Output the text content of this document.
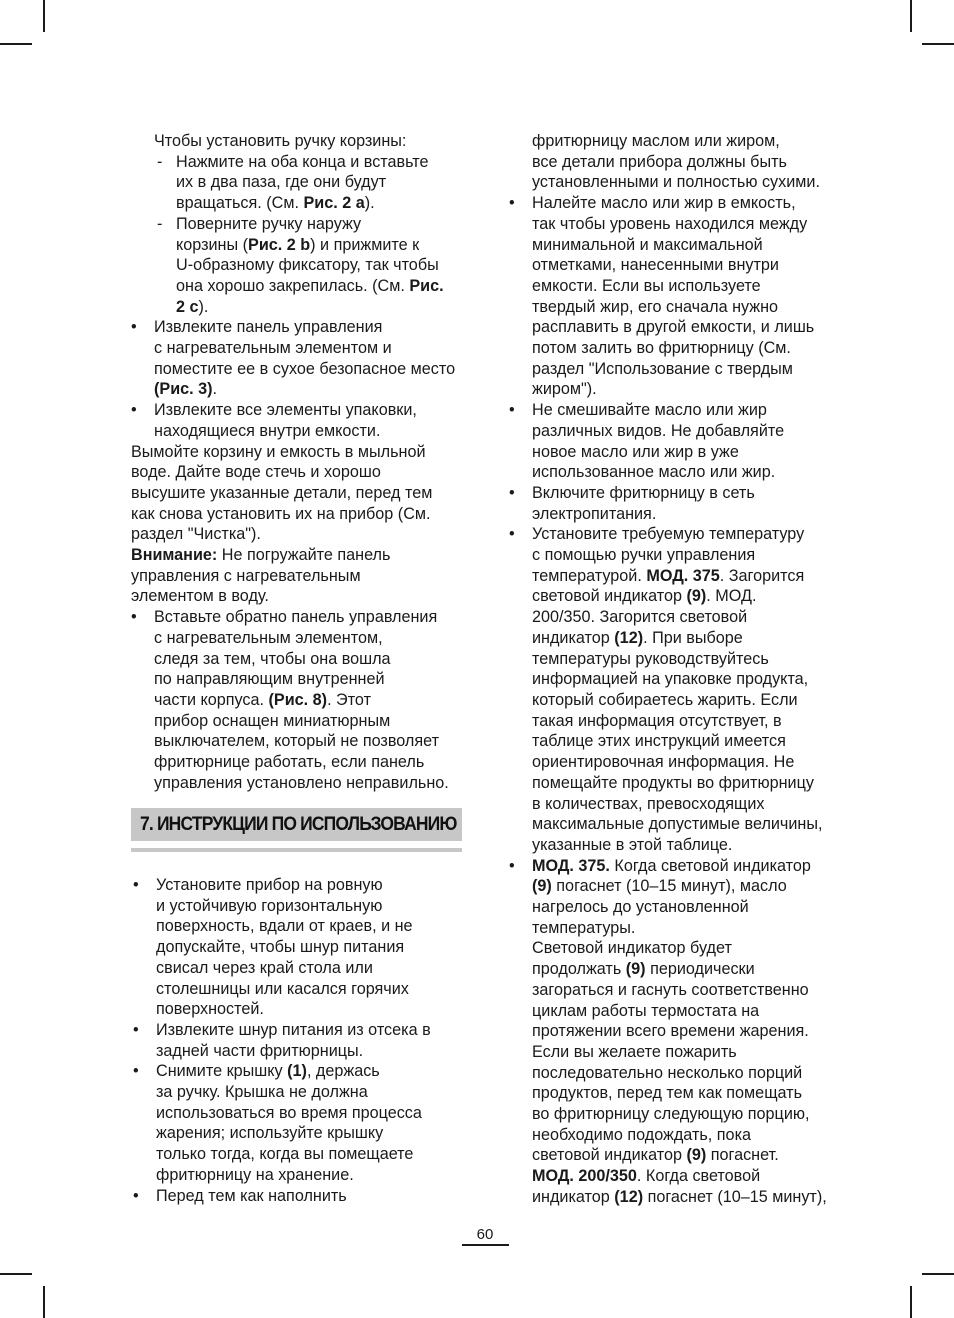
Чтобы установить ручку корзины:
- Нажмите на оба конца и вставьте
их в два паза, где они будут
вращаться. (См. Рис. 2 a).
- Поверните ручку наружу
корзины (Рис. 2 b) и прижмите к
U-образному фиксатору, так чтобы
она хорошо закрепилась. (См. Рис.
2 c).
• Извлеките панель управления
с нагревательным элементом и
поместите ее в сухое безопасное место
(Рис. 3).
• Извлеките все элементы упаковки,
находящиеся внутри емкости.
Вымойте корзину и емкость в мыльной
воде. Дайте воде стечь и хорошо
высушите указанные детали, перед тем
как снова установить их на прибор (См.
раздел "Чистка").
Внимание: Не погружайте панель
управления с нагревательным
элементом в воду.
• Вставьте обратно панель управления
с нагревательным элементом,
следя за тем, чтобы она вошла
по направляющим внутренней
части корпуса. (Рис. 8). Этот
прибор оснащен миниатюрным
выключателем, который не позволяет
фритюрнице работать, если панель
управления установлено неправильно.
7. ИНСТРУКЦИИ ПО ИСПОЛЬЗОВАНИЮ
• Установите прибор на ровную
и устойчивую горизонтальную
поверхность, вдали от краев, и не
допускайте, чтобы шнур питания
свисал через край стола или
столешницы или касался горячих
поверхностей.
• Извлеките шнур питания из отсека в
задней части фритюрницы.
• Снимите крышку (1), держась
за ручку. Крышка не должна
использоваться во время процесса
жарения; используйте крышку
только тогда, когда вы помещаете
фритюрницу на хранение.
• Перед тем как наполнить
фритюрницу маслом или жиром,
все детали прибора должны быть
установленными и полностью сухими.
• Налейте масло или жир в емкость,
так чтобы уровень находился между
минимальной и максимальной
отметками, нанесенными внутри
емкости. Если вы используете
твердый жир, его сначала нужно
расплавить в другой емкости, и лишь
потом залить во фритюрницу (См.
раздел "Использование с твердым
жиром").
• Не смешивайте масло или жир
различных видов. Не добавляйте
новое масло или жир в уже
использованное масло или жир.
• Включите фритюрницу в сеть
электропитания.
• Установите требуемую температуру
с помощью ручки управления
температурой. МОД. 375. Загорится
световой индикатор (9). МОД.
200/350. Загорится световой
индикатор (12). При выборе
температуры руководствуйтесь
информацией на упаковке продукта,
который собираетесь жарить. Если
такая информация отсутствует, в
таблице этих инструкций имеется
ориентировочная информация. Не
помещайте продукты во фритюрницу
в количествах, превосходящих
максимальные допустимые величины,
указанные в этой таблице.
• МОД. 375. Когда световой индикатор
(9) погаснет (10–15 минут), масло
нагрелось до установленной
температуры.
Световой индикатор будет
продолжать (9) периодически
загораться и гаснуть соответственно
циклам работы термостата на
протяжении всего времени жарения.
Если вы желаете пожарить
последовательно несколько порций
продуктов, перед тем как помещать
во фритюрницу следующую порцию,
необходимо подождать, пока
световой индикатор (9) погаснет.
МОД. 200/350. Когда световой
индикатор (12) погаснет (10–15 минут),
60
